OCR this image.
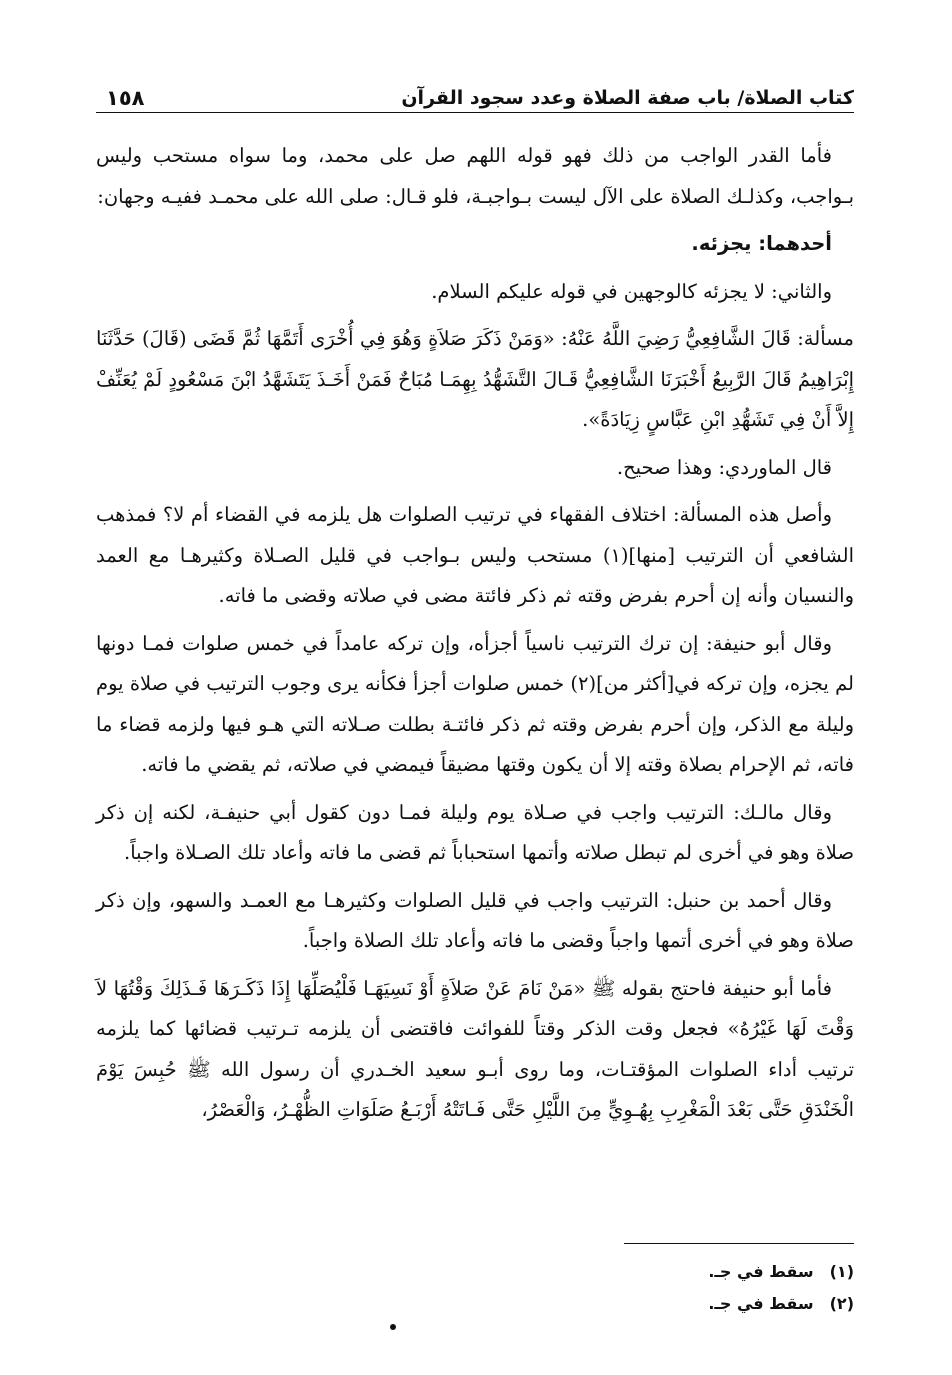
كتاب الصلاة/ باب صفة الصلاة وعدد سجود القرآن
١٥٨

فأما القدر الواجب من ذلك فهو قوله اللهم صل على محمد، وما سواه مستحب وليس بـواجب، وكذلـك الصلاة على الآل ليست بـواجبـة، فلو قـال: صلى الله على محمـد ففيـه وجهان:

أحدهما: يجزئه.

والثاني: لا يجزئه كالوجهين في قوله عليكم السلام.

مسألة: قَالَ الشَّافِعِيُّ رَضِيَ اللَّهُ عَنْهُ: «وَمَنْ ذَكَرَ صَلاَةٍ وَهُوَ فِي أُخْرَى أَتَمَّهَا ثُمَّ قَضَى (قَالَ) حَدَّثَنَا إِبْرَاهِيمُ قَالَ الرَّبِيعُ أَخْبَرَنَا الشَّافِعِيُّ قَـالَ التَّشَهُّدُ بِهِمَـا مُبَاحٌ فَمَنْ أَخَـذَ يَتَشَهَّدُ ابْنَ مَسْعُودٍ لَمْ يُعَنِّفْ إِلاَّ أَنْ فِي تَشَهُّدِ ابْنِ عَبَّاسٍ زِيَادَةً».

قال الماوردي: وهذا صحيح.

وأصل هذه المسألة: اختلاف الفقهاء في ترتيب الصلوات هل يلزمه في القضاء أم لا؟ فمذهب الشافعي أن الترتيب [منها](١) مستحب وليس بـواجب في قليل الصـلاة وكثيرهـا مع العمد والنسيان وأنه إن أحرم بفرض وقته ثم ذكر فائتة مضى في صلاته وقضى ما فاته.

وقال أبو حنيفة: إن ترك الترتيب ناسياً أجزأه، وإن تركه عامداً في خمس صلوات فمـا دونها لم يجزه، وإن تركه في[أكثر من](٢) خمس صلوات أجزأ فكأنه يرى وجوب الترتيب في صلاة يوم وليلة مع الذكر، وإن أحرم بفرض وقته ثم ذكر فائتـة بطلت صـلاته التي هـو فيها ولزمه قضاء ما فاته، ثم الإحرام بصلاة وقته إلا أن يكون وقتها مضيقاً فيمضي في صلاته، ثم يقضي ما فاته.

وقال مالـك: الترتيب واجب في صـلاة يوم وليلة فمـا دون كقول أبي حنيفـة، لكنه إن ذكر صلاة وهو في أخرى لم تبطل صلاته وأتمها استحباباً ثم قضى ما فاته وأعاد تلك الصـلاة واجباً.

وقال أحمد بن حنبل: الترتيب واجب في قليل الصلوات وكثيرهـا مع العمـد والسهو، وإن ذكر صلاة وهو في أخرى أتمها واجباً وقضى ما فاته وأعاد تلك الصلاة واجباً.

فأما أبو حنيفة فاحتج بقوله ﷺ «مَنْ نَامَ عَنْ صَلاَةٍ أَوْ نَسِيَهَـا فَلْيُصَلِّهَا إِذَا ذَكَـرَهَا فَـذَلِكَ وَقْتُهَا لاَ وَقْتَ لَهَا غَيْرُهُ» فجعل وقت الذكر وقتاً للفوائت فاقتضى أن يلزمه تـرتيب قضائها كما يلزمه ترتيب أداء الصلوات المؤقتـات، وما روى أبـو سعيد الخـدري أن رسول الله ﷺ حُبِسَ يَوْمَ الْخَنْدَقِ حَتَّى بَعْدَ الْمَغْرِبِ بِهُـوِيٍّ مِنَ اللَّيْلِ حَتَّى فَـاتَتْهُ أَرْبَـعُ صَلَوَاتِ الظُّهْـرُ، وَالْعَصْرُ،

(١)
سقط في جـ.
(٢)
سقط في جـ.
